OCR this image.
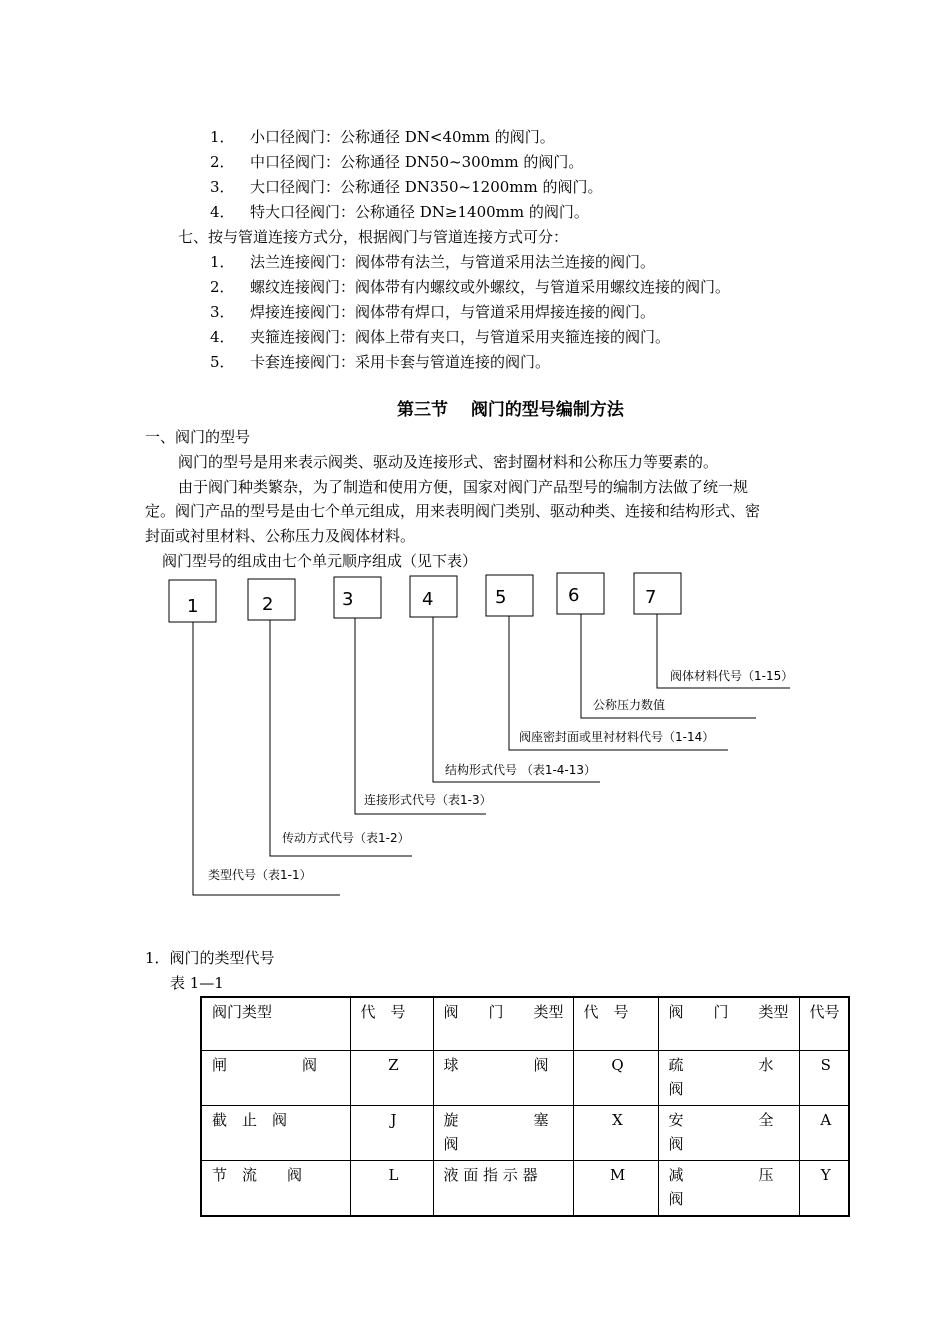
1． 小口径阀门：公称通径 DN<40mm 的阀门。
2． 中口径阀门：公称通径 DN50~300mm 的阀门。
3． 大口径阀门：公称通径 DN350~1200mm 的阀门。
4． 特大口径阀门：公称通径 DN≥1400mm 的阀门。
七、按与管道连接方式分，根据阀门与管道连接方式可分：
1． 法兰连接阀门：阀体带有法兰，与管道采用法兰连接的阀门。
2． 螺纹连接阀门：阀体带有内螺纹或外螺纹，与管道采用螺纹连接的阀门。
3． 焊接连接阀门：阀体带有焊口，与管道采用焊接连接的阀门。
4． 夹箍连接阀门：阀体上带有夹口，与管道采用夹箍连接的阀门。
5． 卡套连接阀门：采用卡套与管道连接的阀门。
第三节　 阀门的型号编制方法
一、阀门的型号
阀门的型号是用来表示阀类、驱动及连接形式、密封圈材料和公称压力等要素的。
由于阀门种类繁杂，为了制造和使用方便，国家对阀门产品型号的编制方法做了统一规
定。阀门产品的型号是由七个单元组成，用来表明阀门类别、驱动种类、连接和结构形式、密
封面或衬里材料、公称压力及阀体材料。
阀门型号的组成由七个单元顺序组成（见下表）
1	2	3	4	5	6	7
阀体材料代号（1-15）
公称压力数值
阀座密封面或里衬材料代号（1-14）
结构形式代号 （表1-4-13）
连接形式代号（表1-3）
传动方式代号（表1-2）
类型代号（表1-1）
1．阀门的类型代号
表 1—1
阀门类型	代　号	阀　　门　　类型	代　号	阀　　门　　类型	代号
闸　　　　　阀	Z	球　　　　　阀	Q	疏　　　　　水　　　阀	S
截　止　阀	J	旋　　　　　塞　　　阀	X	安　　　　　全　　　阀	A
节　流　　阀	L	液 面 指 示 器	M	减　　　　　压　　　阀	Y
